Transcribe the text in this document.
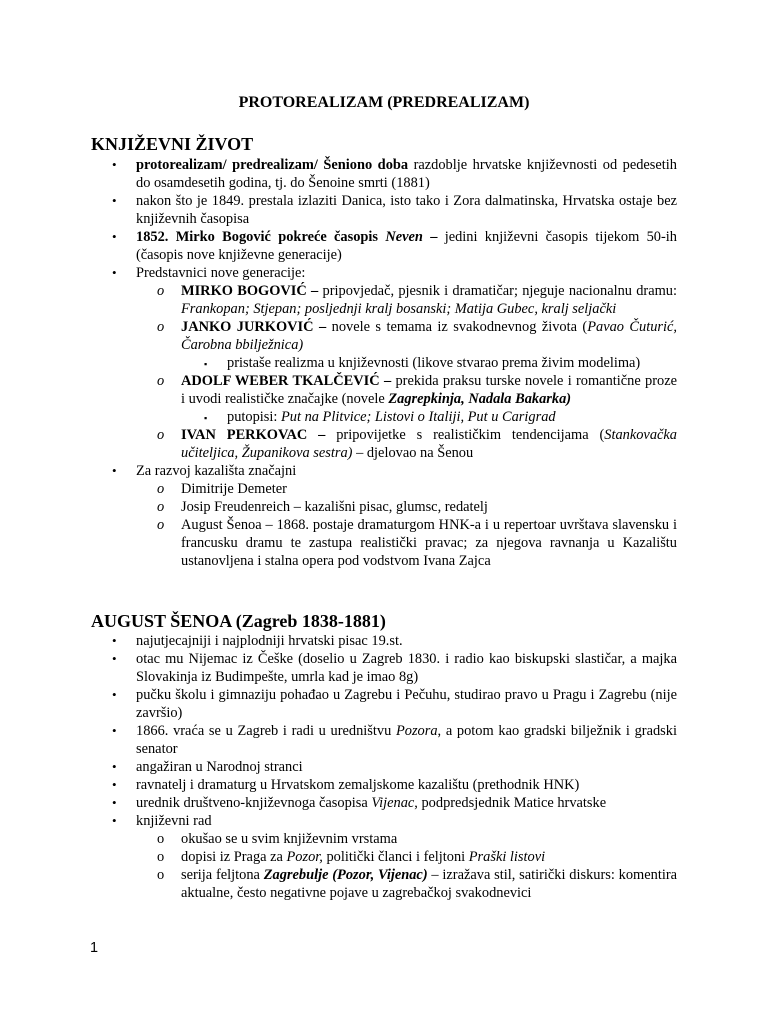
PROTOREALIZAM (PREDREALIZAM)
KNJIŽEVNI ŽIVOT
• protorealizam/ predrealizam/ Šeniono doba razdoblje hrvatske književnosti od pedesetih do osamdesetih godina, tj. do Šenoine smrti (1881)
• nakon što je 1849. prestala izlaziti Danica, isto tako i Zora dalmatinska, Hrvatska ostaje bez književnih časopisa
• 1852. Mirko Bogović pokreće časopis Neven – jedini književni časopis tijekom 50-ih (časopis nove književne generacije)
• Predstavnici nove generacije:
o MIRKO BOGOVIĆ – pripovjedač, pjesnik i dramatičar; njeguje nacionalnu dramu: Frankopan; Stjepan; posljednji kralj bosanski; Matija Gubec, kralj seljački
o JANKO JURKOVIĆ – novele s temama iz svakodnevnog života (Pavao Čuturić, Čarobna bbilježnica)
▪ pristaše realizma u književnosti (likove stvarao prema živim modelima)
o ADOLF WEBER TKALČEVIĆ – prekida praksu turske novele i romantične proze i uvodi realističke značajke (novele Zagrepkinja, Nadala Bakarka)
▪ putopisi: Put na Plitvice; Listovi o Italiji, Put u Carigrad
o IVAN PERKOVAC – pripovijetke s realističkim tendencijama (Stankovačka učiteljica, Županikova sestra) – djelovao na Šenou
• Za razvoj kazališta značajni
o Dimitrije Demeter
o Josip Freudenreich – kazališni pisac, glumsc, redatelj
o August Šenoa – 1868. postaje dramaturgom HNK-a i u repertoar uvrštava slavensku i francusku dramu te zastupa realistički pravac; za njegova ravnanja u Kazalištu ustanovljena i stalna opera pod vodstvom Ivana Zajca
AUGUST ŠENOA (Zagreb 1838-1881)
• najutjecajniji i najplodniji hrvatski pisac 19.st.
• otac mu Nijemac iz Češke (doselio u Zagreb 1830. i radio kao biskupski slastičar, a majka Slovakinja iz Budimpešte, umrla kad je imao 8g)
• pučku školu i gimnaziju pohađao u Zagrebu i Pečuhu, studirao pravo u Pragu i Zagrebu (nije završio)
• 1866. vraća se u Zagreb i radi u uredništvu Pozora, a potom kao gradski bilježnik i gradski senator
• angažiran u Narodnoj stranci
• ravnatelj i dramaturg u Hrvatskom zemaljskome kazalištu (prethodnik HNK)
• urednik društveno-književnoga časopisa Vijenac, podpredsjednik Matice hrvatske
• književni rad
o okušao se u svim književnim vrstama
o dopisi iz Praga za Pozor, politički članci i feljtoni Praški listovi
o serija feljtona Zagrebulje (Pozor, Vijenac) – izražava stil, satirički diskurs: komentira aktualne, često negativne pojave u zagrebačkoj svakodnevici
1
